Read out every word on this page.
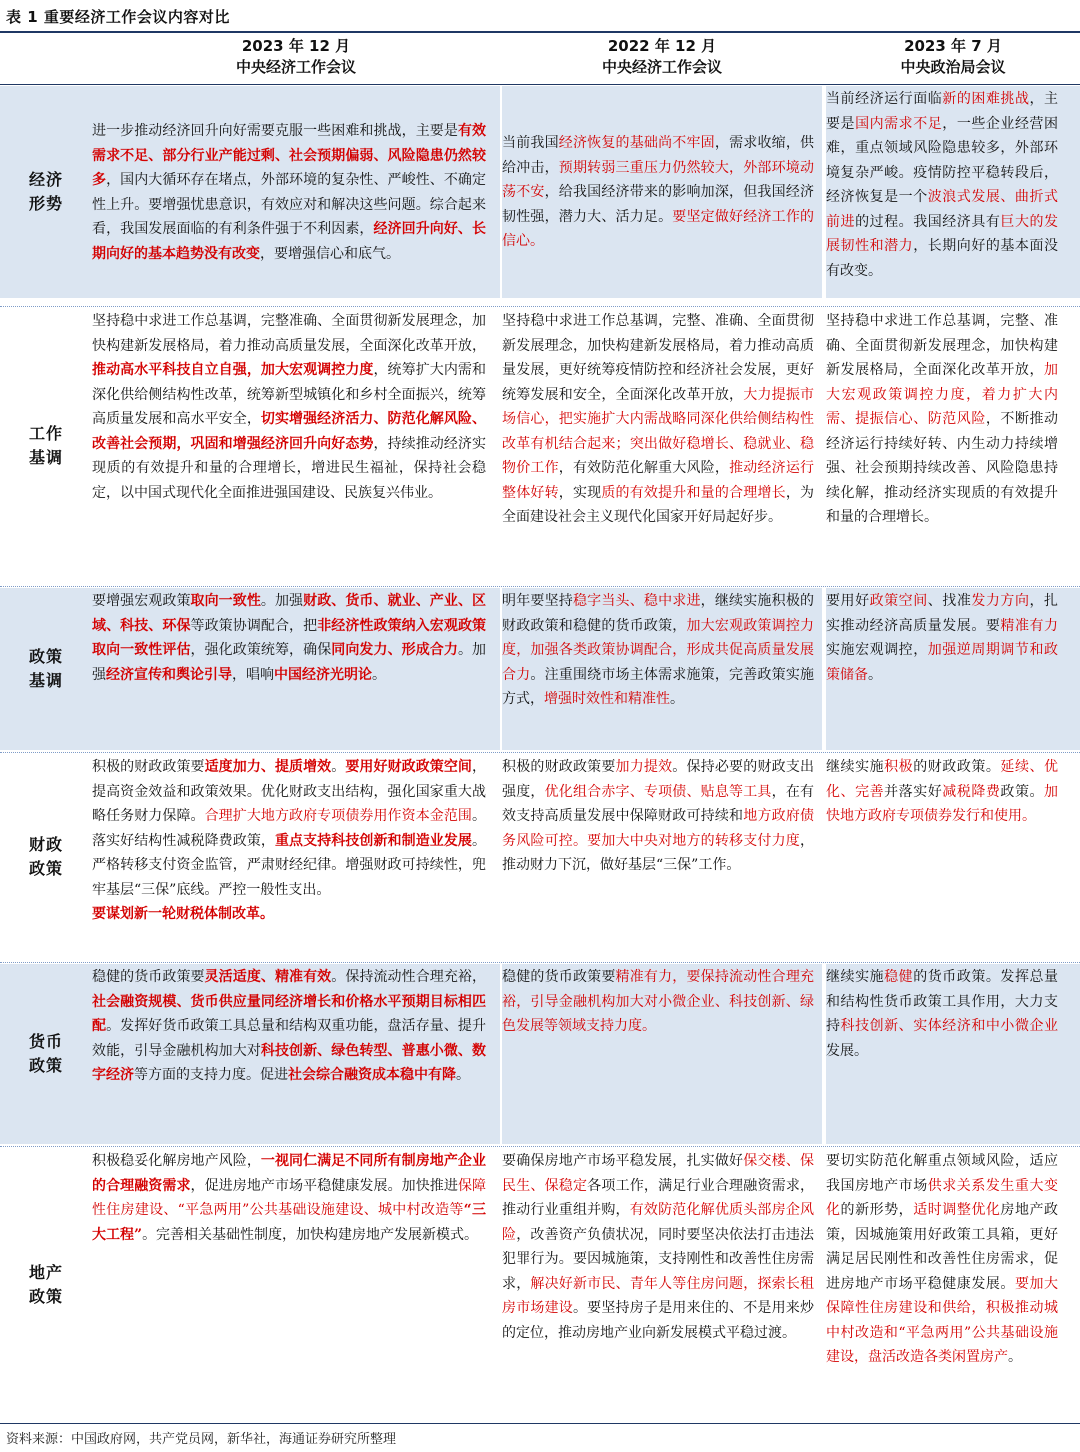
表 1 重要经济工作会议内容对比
2023 年 12 月
中央经济工作会议
2022 年 12 月
中央经济工作会议
2023 年 7 月
中央政治局会议
经济形势
进一步推动经济回升向好需要克服一些困难和挑战，主要是有效需求不足、部分行业产能过剩、社会预期偏弱、风险隐患仍然较多，国内大循环存在堵点，外部环境的复杂性、严峻性、不确定性上升。要增强忧患意识，有效应对和解决这些问题。综合起来看，我国发展面临的有利条件强于不利因素，经济回升向好、长期向好的基本趋势没有改变，要增强信心和底气。
当前我国经济恢复的基础尚不牢固，需求收缩，供给冲击，预期转弱三重压力仍然较大，外部环境动荡不安，给我国经济带来的影响加深，但我国经济韧性强，潜力大、活力足。要坚定做好经济工作的信心。
当前经济运行面临新的困难挑战，主要是国内需求不足，一些企业经营困难，重点领域风险隐患较多，外部环境复杂严峻。疫情防控平稳转段后，经济恢复是一个波浪式发展、曲折式前进的过程。我国经济具有巨大的发展韧性和潜力，长期向好的基本面没有改变。
工作基调
坚持稳中求进工作总基调，完整准确、全面贯彻新发展理念，加快构建新发展格局，着力推动高质量发展，全面深化改革开放，推动高水平科技自立自强，加大宏观调控力度，统筹扩大内需和深化供给侧结构性改革，统筹新型城镇化和乡村全面振兴，统筹高质量发展和高水平安全，切实增强经济活力、防范化解风险、改善社会预期，巩固和增强经济回升向好态势，持续推动经济实现质的有效提升和量的合理增长，增进民生福祉，保持社会稳定，以中国式现代化全面推进强国建设、民族复兴伟业。
坚持稳中求进工作总基调，完整、准确、全面贯彻新发展理念，加快构建新发展格局，着力推动高质量发展，更好统筹疫情防控和经济社会发展，更好统筹发展和安全，全面深化改革开放，大力提振市场信心，把实施扩大内需战略同深化供给侧结构性改革有机结合起来；突出做好稳增长、稳就业、稳物价工作，有效防范化解重大风险，推动经济运行整体好转，实现质的有效提升和量的合理增长，为全面建设社会主义现代化国家开好局起好步。
坚持稳中求进工作总基调，完整、准确、全面贯彻新发展理念，加快构建新发展格局，全面深化改革开放，加大宏观政策调控力度，着力扩大内需、提振信心、防范风险，不断推动经济运行持续好转、内生动力持续增强、社会预期持续改善、风险隐患持续化解，推动经济实现质的有效提升和量的合理增长。
政策基调
要增强宏观政策取向一致性。加强财政、货币、就业、产业、区域、科技、环保等政策协调配合，把非经济性政策纳入宏观政策取向一致性评估，强化政策统筹，确保同向发力、形成合力。加强经济宣传和舆论引导，唱响中国经济光明论。
明年要坚持稳字当头、稳中求进，继续实施积极的财政政策和稳健的货币政策，加大宏观政策调控力度，加强各类政策协调配合，形成共促高质量发展合力。注重围绕市场主体需求施策，完善政策实施方式，增强时效性和精准性。
要用好政策空间、找准发力方向，扎实推动经济高质量发展。要精准有力实施宏观调控，加强逆周期调节和政策储备。
财政政策
积极的财政政策要适度加力、提质增效。要用好财政政策空间，提高资金效益和政策效果。优化财政支出结构，强化国家重大战略任务财力保障。合理扩大地方政府专项债券用作资本金范围。落实好结构性减税降费政策，重点支持科技创新和制造业发展。严格转移支付资金监管，严肃财经纪律。增强财政可持续性，兜牢基层“三保”底线。严控一般性支出。
要谋划新一轮财税体制改革。
积极的财政政策要加力提效。保持必要的财政支出强度，优化组合赤字、专项债、贴息等工具，在有效支持高质量发展中保障财政可持续和地方政府债务风险可控。要加大中央对地方的转移支付力度，推动财力下沉，做好基层“三保”工作。
继续实施积极的财政政策。延续、优化、完善并落实好减税降费政策。加快地方政府专项债券发行和使用。
货币政策
稳健的货币政策要灵活适度、精准有效。保持流动性合理充裕，社会融资规模、货币供应量同经济增长和价格水平预期目标相匹配。发挥好货币政策工具总量和结构双重功能，盘活存量、提升效能，引导金融机构加大对科技创新、绿色转型、普惠小微、数字经济等方面的支持力度。促进社会综合融资成本稳中有降。
稳健的货币政策要精准有力，要保持流动性合理充裕，引导金融机构加大对小微企业、科技创新、绿色发展等领域支持力度。
继续实施稳健的货币政策。发挥总量和结构性货币政策工具作用，大力支持科技创新、实体经济和中小微企业发展。
地产政策
积极稳妥化解房地产风险，一视同仁满足不同所有制房地产企业的合理融资需求，促进房地产市场平稳健康发展。加快推进保障性住房建设、“平急两用”公共基础设施建设、城中村改造等“三大工程”。完善相关基础性制度，加快构建房地产发展新模式。
要确保房地产市场平稳发展，扎实做好保交楼、保民生、保稳定各项工作，满足行业合理融资需求，推动行业重组并购，有效防范化解优质头部房企风险，改善资产负债状况，同时要坚决依法打击违法犯罪行为。要因城施策，支持刚性和改善性住房需求，解决好新市民、青年人等住房问题，探索长租房市场建设。要坚持房子是用来住的、不是用来炒的定位，推动房地产业向新发展模式平稳过渡。
要切实防范化解重点领域风险，适应我国房地产市场供求关系发生重大变化的新形势，适时调整优化房地产政策，因城施策用好政策工具箱，更好满足居民刚性和改善性住房需求，促进房地产市场平稳健康发展。要加大保障性住房建设和供给，积极推动城中村改造和“平急两用”公共基础设施建设，盘活改造各类闲置房产。
资料来源：中国政府网，共产党员网，新华社，海通证券研究所整理
